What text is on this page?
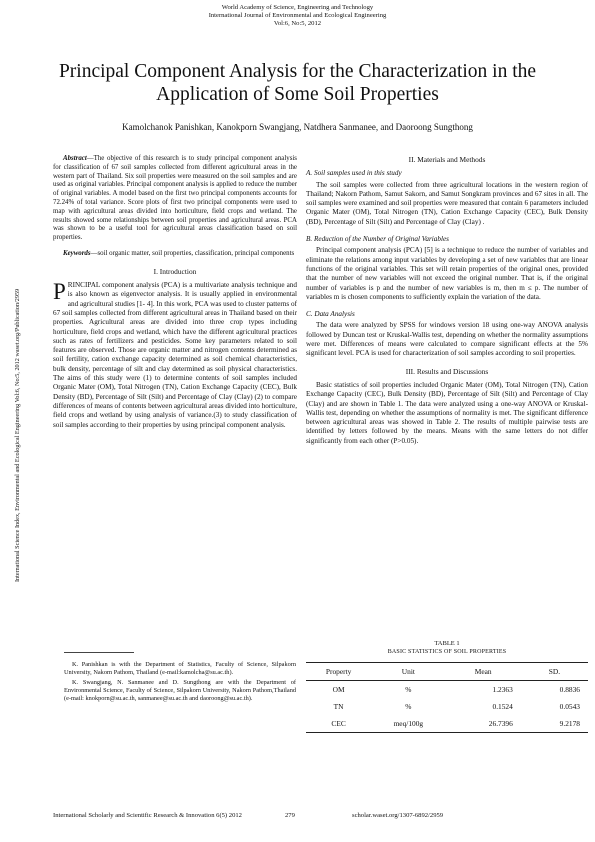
World Academy of Science, Engineering and Technology
International Journal of Environmental and Ecological Engineering
Vol:6, No:5, 2012
Principal Component Analysis for the Characterization in the Application of Some Soil Properties
Kamolchanok Panishkan, Kanokporn Swangjang, Natdhera Sanmanee, and Daoroong Sungthong
International Science Index, Environmental and Ecological Engineering Vol:6, No:5, 2012 waset.org/Publication/2959

Abstract—The objective of this research is to study principal component analysis for classification of 67 soil samples collected from different agricultural areas in the western part of Thailand. Six soil properties were measured on the soil samples and are used as original variables. Principal component analysis is applied to reduce the number of original variables. A model based on the first two principal components accounts for 72.24% of total variance. Score plots of first two principal components were used to map with agricultural areas divided into horticulture, field crops and wetland. The results showed some relationships between soil properties and agricultural areas. PCA was shown to be a useful tool for agricultural areas classification based on soil properties.

Keywords—soil organic matter, soil properties, classification, principal components

I. Introduction

PRINCIPAL component analysis (PCA) is a multivariate analysis technique and is also known as eigenvector analysis. It is usually applied in environmental and agricultural studies [1- 4]. In this work, PCA was used to cluster patterns of 67 soil samples collected from different agricultural areas in Thailand based on their properties. Agricultural areas are divided into three crop types including horticulture, field crops and wetland, which have the different agricultural practices such as rates of fertilizers and pesticides. Some key parameters related to soil features are observed. Those are organic matter and nitrogen contents determined as soil fertility, cation exchange capacity determined as soil chemical characteristics, bulk density, percentage of silt and clay determined as soil physical characteristics. The aims of this study were (1) to determine contents of soil samples included Organic Mater (OM), Total Nitrogen (TN), Cation Exchange Capacity (CEC), Bulk Density (BD), Percentage of Silt (Silt) and Percentage of Clay (Clay) (2) to compare differences of means of contents between agricultural areas divided into horticulture, field crops and wetland by using analysis of variance.(3) to study classification of soil samples according to their properties by using principal component analysis.

K. Panishkan is with the Department of Statistics, Faculty of Science, Silpakorn University, Nakorn Pathom, Thailand (e-mail:kamolcha@su.ac.th).
K. Swangjang, N. Sanmanee and D. Sungthong are with the Department of Environmental Science, Faculty of Science, Silpakorn University, Nakorn Pathom,Thailand (e-mail: knokporn@su.ac.th, sanmanee@su.ac.th and daoroong@su.ac.th).
II. Materials and Methods
A. Soil samples used in this study

The soil samples were collected from three agricultural locations in the western region of Thailand; Nakorn Pathom, Samut Sakorn, and Samut Songkram provinces and 67 sites in all. The soil samples were examined and soil properties were measured that contain 6 parameters included Organic Mater (OM), Total Nitrogen (TN), Cation Exchange Capacity (CEC), Bulk Density (BD), Percentage of Silt (Silt) and Percentage of Clay (Clay) .

B. Reduction of the Number of Original Variables

Principal component analysis (PCA) [5] is a technique to reduce the number of variables and eliminate the relations among input variables by developing a set of new variables that are linear functions of the original variables. This set will retain properties of the original ones, provided that the number of new variables will not exceed the original number. That is, if the original number of variables is p and the number of new variables is m, then m ≤ p. The number of variables m is chosen components to sufficiently explain the variation of the data.

C. Data Analysis

The data were analyzed by SPSS for windows version 18 using one-way ANOVA analysis followed by Duncan test or Kruskal-Wallis test, depending on whether the normality assumptions were met. Differences of means were calculated to compare significant effects at the 5% significant level. PCA is used for characterization of soil samples according to soil properties.

III. Results and Discussions

Basic statistics of soil properties included Organic Mater (OM), Total Nitrogen (TN), Cation Exchange Capacity (CEC), Bulk Density (BD), Percentage of Silt (Silt) and Percentage of Clay (Clay) and are shown in Table 1. The data were analyzed using a one-way ANOVA or Kruskal-Wallis test, depending on whether the assumptions of normality is met. The significant difference between agricultural areas was showed in Table 2. The results of multiple pairwise tests are identified by letters followed by the means. Means with the same letters do not differ significantly from each other (P>0.05).

TABLE 1
BASIC STATISTICS OF SOIL PROPERTIES
Property	Unit	Mean	SD.
OM	%	1.2363	0.8836
TN	%	0.1524	0.0543
CEC	meq/100g	26.7396	9.2178
International Scholarly and Scientific Research & Innovation 6(5) 2012	279	scholar.waset.org/1307-6892/2959
